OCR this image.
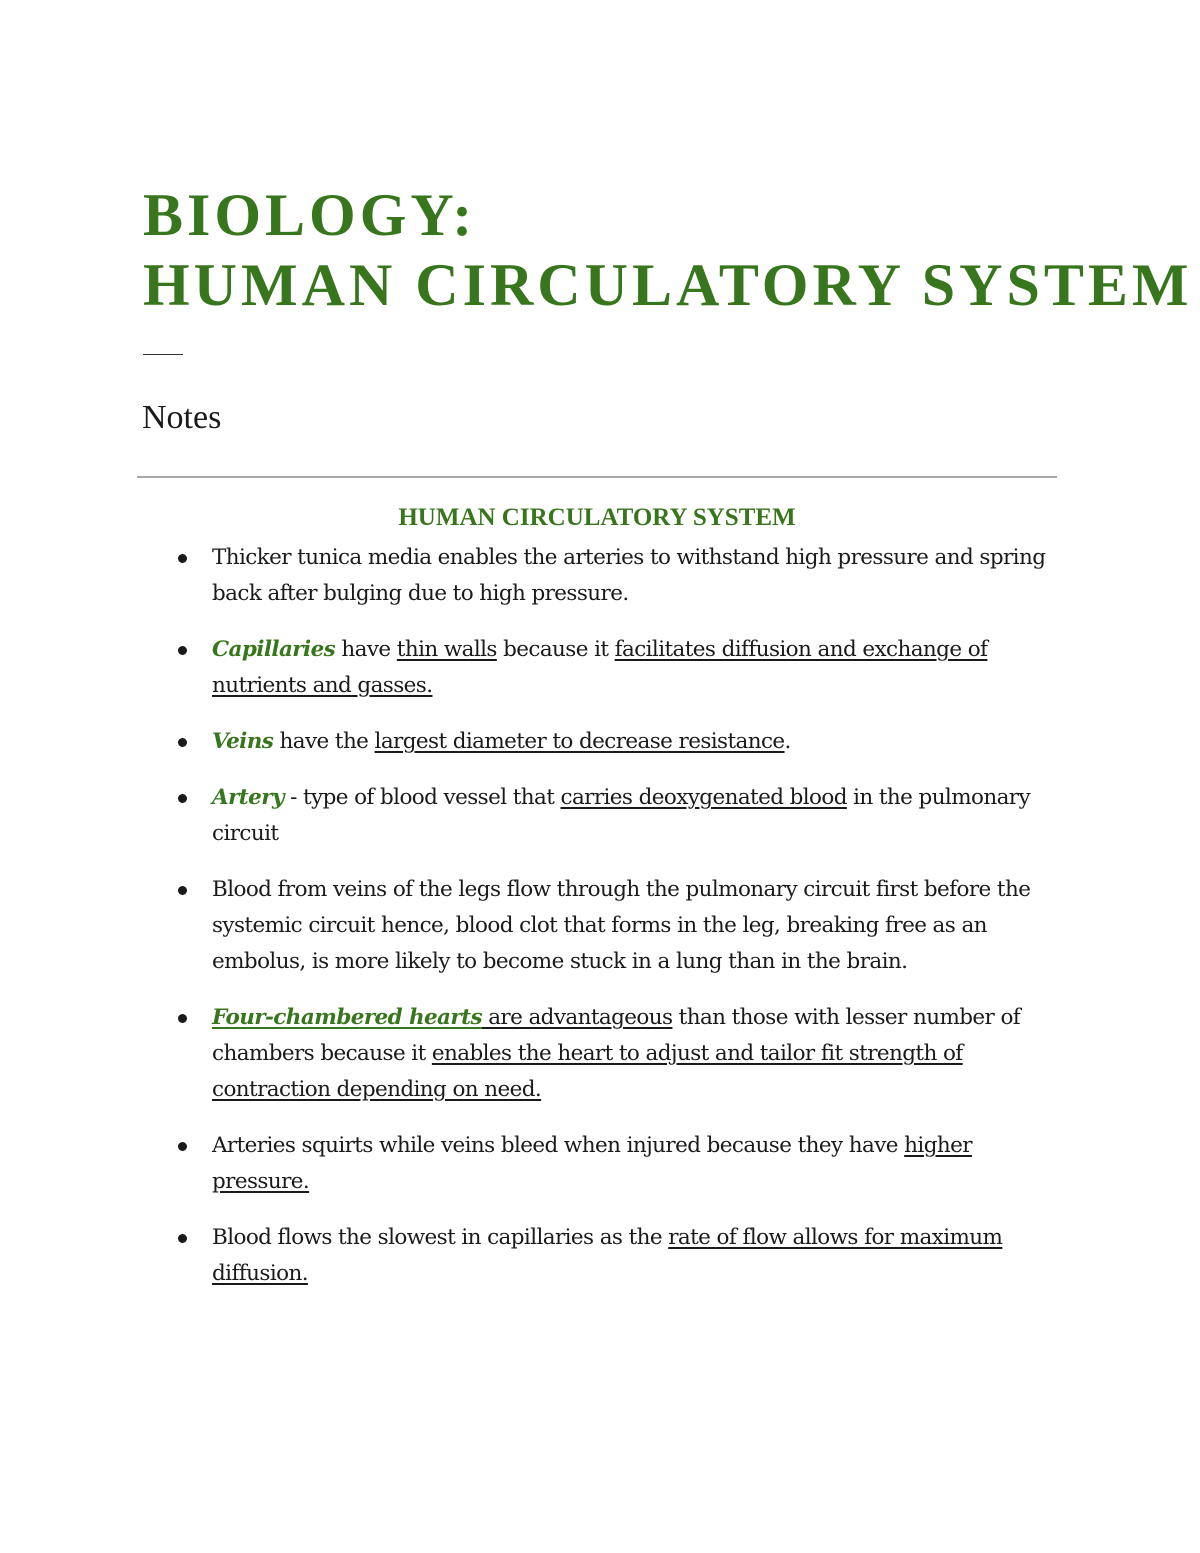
BIOLOGY:
HUMAN CIRCULATORY SYSTEM
Notes
HUMAN CIRCULATORY SYSTEM
Thicker tunica media enables the arteries to withstand high pressure and spring back after bulging due to high pressure.
Capillaries have thin walls because it facilitates diffusion and exchange of nutrients and gasses.
Veins have the largest diameter to decrease resistance.
Artery - type of blood vessel that carries deoxygenated blood in the pulmonary circuit
Blood from veins of the legs flow through the pulmonary circuit first before the systemic circuit hence, blood clot that forms in the leg, breaking free as an embolus, is more likely to become stuck in a lung than in the brain.
Four-chambered hearts are advantageous than those with lesser number of chambers because it enables the heart to adjust and tailor fit strength of contraction depending on need.
Arteries squirts while veins bleed when injured because they have higher pressure.
Blood flows the slowest in capillaries as the rate of flow allows for maximum diffusion.
